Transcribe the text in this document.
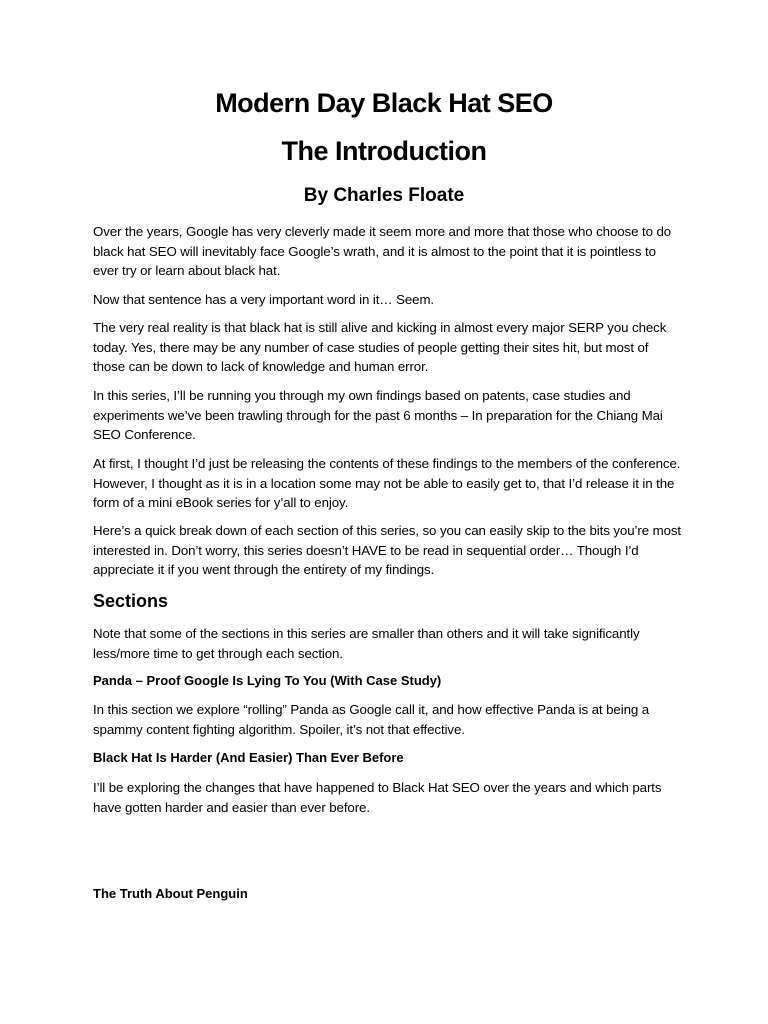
Modern Day Black Hat SEO
The Introduction
By Charles Floate

Over the years, Google has very cleverly made it seem more and more that those who choose to do black hat SEO will inevitably face Google’s wrath, and it is almost to the point that it is pointless to ever try or learn about black hat.

Now that sentence has a very important word in it… Seem.

The very real reality is that black hat is still alive and kicking in almost every major SERP you check today. Yes, there may be any number of case studies of people getting their sites hit, but most of those can be down to lack of knowledge and human error.

In this series, I’ll be running you through my own findings based on patents, case studies and experiments we’ve been trawling through for the past 6 months – In preparation for the Chiang Mai SEO Conference.

At first, I thought I’d just be releasing the contents of these findings to the members of the conference. However, I thought as it is in a location some may not be able to easily get to, that I’d release it in the form of a mini eBook series for y’all to enjoy.

Here’s a quick break down of each section of this series, so you can easily skip to the bits you’re most interested in. Don’t worry, this series doesn’t HAVE to be read in sequential order… Though I’d appreciate it if you went through the entirety of my findings.

Sections

Note that some of the sections in this series are smaller than others and it will take significantly less/more time to get through each section.

Panda – Proof Google Is Lying To You (With Case Study)

In this section we explore “rolling” Panda as Google call it, and how effective Panda is at being a spammy content fighting algorithm. Spoiler, it’s not that effective.

Black Hat Is Harder (And Easier) Than Ever Before

I’ll be exploring the changes that have happened to Black Hat SEO over the years and which parts have gotten harder and easier than ever before.

The Truth About Penguin
